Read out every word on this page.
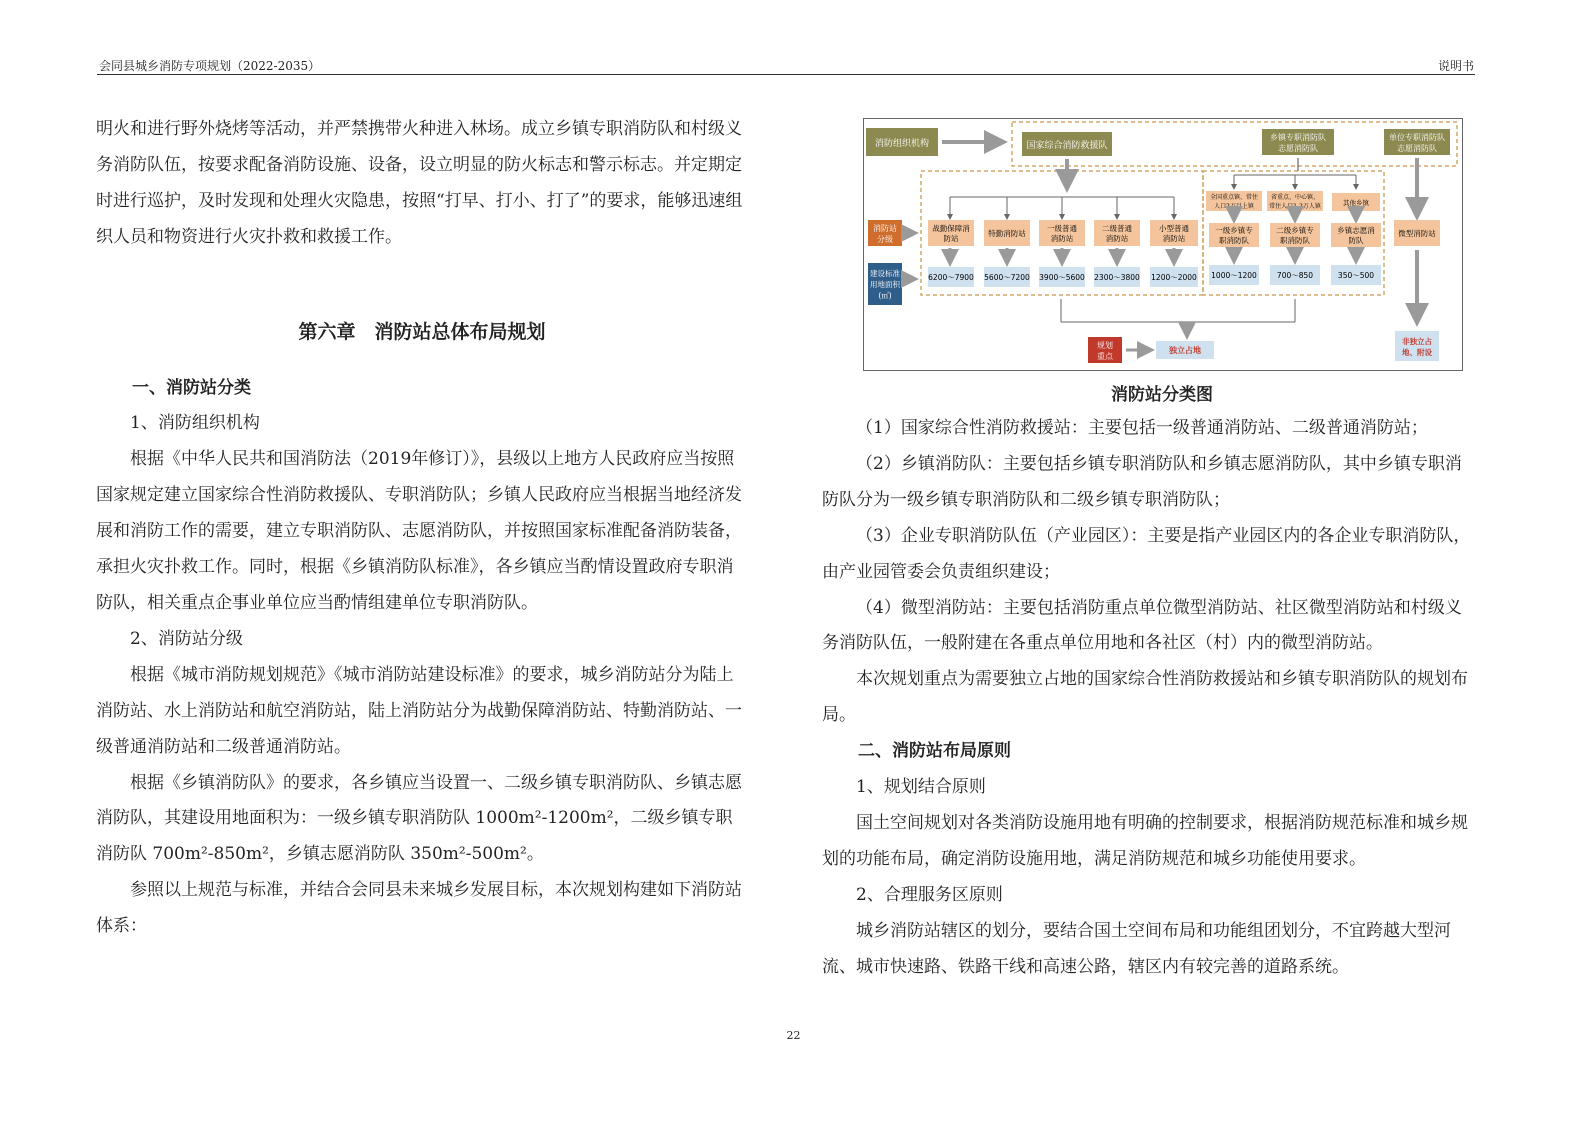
会同县城乡消防专项规划（2022-2035）	说明书

明火和进行野外烧烤等活动，并严禁携带火种进入林场。成立乡镇专职消防队和村级义务消防队伍，按要求配备消防设施、设备，设立明显的防火标志和警示标志。并定期定时进行巡护，及时发现和处理火灾隐患，按照“打早、打小、打了”的要求，能够迅速组织人员和物资进行火灾扑救和救援工作。

第六章　消防站总体布局规划

一、消防站分类

1、消防组织机构

根据《中华人民共和国消防法（2019年修订）》，县级以上地方人民政府应当按照国家规定建立国家综合性消防救援队、专职消防队；乡镇人民政府应当根据当地经济发展和消防工作的需要，建立专职消防队、志愿消防队，并按照国家标准配备消防装备，承担火灾扑救工作。同时，根据《乡镇消防队标准》，各乡镇应当酌情设置政府专职消防队，相关重点企事业单位应当酌情组建单位专职消防队。

2、消防站分级

根据《城市消防规划规范》《城市消防站建设标准》的要求，城乡消防站分为陆上消防站、水上消防站和航空消防站，陆上消防站分为战勤保障消防站、特勤消防站、一级普通消防站和二级普通消防站。

根据《乡镇消防队》的要求，各乡镇应当设置一、二级乡镇专职消防队、乡镇志愿消防队，其建设用地面积为：一级乡镇专职消防队 1000m²-1200m²，二级乡镇专职消防队 700m²-850m²，乡镇志愿消防队 350m²-500m²。

参照以上规范与标准，并结合会同县未来城乡发展目标，本次规划构建如下消防站体系：

消防组织机构	国家综合消防救援队
乡镇专职消防队
志愿消防队
单位专职消防队
志愿消防队
消防站
分级
建设标准
用地面积
(㎡)
战勤保障消
防站
6200～7900
特勤消防站
5600～7200
一级普通
消防站
3900～5600
二级普通
消防站
2300～3800
小型普通
消防站
1200～2000
全国重点镇、常住
人口2万以上镇
一级乡镇专
职消防队
1000～1200
省重点、中心镇、
常住人口1-2万人镇
二级乡镇专
职消防队
700～850
其他乡镇
乡镇志愿消
防队
350～500
微型消防站
非独立占
地、附设
规划
重点
独立占地
消防站分类图

（1）国家综合性消防救援站：主要包括一级普通消防站、二级普通消防站；

（2）乡镇消防队：主要包括乡镇专职消防队和乡镇志愿消防队，其中乡镇专职消防队分为一级乡镇专职消防队和二级乡镇专职消防队；

（3）企业专职消防队伍（产业园区）：主要是指产业园区内的各企业专职消防队，由产业园管委会负责组织建设；

（4）微型消防站：主要包括消防重点单位微型消防站、社区微型消防站和村级义务消防队伍，一般附建在各重点单位用地和各社区（村）内的微型消防站。

本次规划重点为需要独立占地的国家综合性消防救援站和乡镇专职消防队的规划布局。

二、消防站布局原则

1、规划结合原则

国土空间规划对各类消防设施用地有明确的控制要求，根据消防规范标准和城乡规划的功能布局，确定消防设施用地，满足消防规范和城乡功能使用要求。

2、合理服务区原则

城乡消防站辖区的划分，要结合国土空间布局和功能组团划分，不宜跨越大型河流、城市快速路、铁路干线和高速公路，辖区内有较完善的道路系统。

22
